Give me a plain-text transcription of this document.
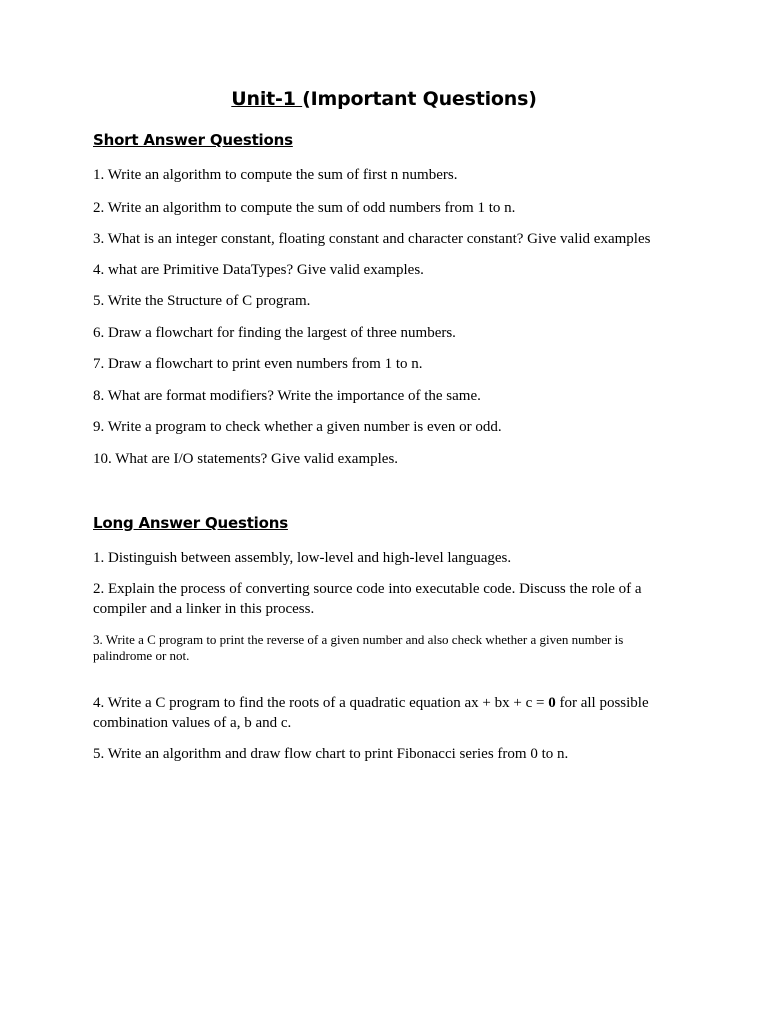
Unit-1 (Important Questions)
Short Answer Questions

1. Write an algorithm to compute the sum of first n numbers.

2. Write an algorithm to compute the sum of odd numbers from 1 to n.

3. What is an integer constant, floating constant and character constant? Give valid examples

4. what are Primitive DataTypes? Give valid examples.

5. Write the Structure of C program.

6. Draw a flowchart for finding the largest of three numbers.

7. Draw a flowchart to print even numbers from 1 to n.

8. What are format modifiers? Write the importance of the same.

9. Write a program to check whether a given number is even or odd.

10. What are I/O statements? Give valid examples.

Long Answer Questions

1. Distinguish between assembly, low-level and high-level languages.

2. Explain the process of converting source code into executable code. Discuss the role of a compiler and a linker in this process.

3. Write a C program to print the reverse of a given number and also check whether a given number is palindrome or not.

4. Write a C program to find the roots of a quadratic equation ax + bx + c = 0 for all possible combination values of a, b and c.

5. Write an algorithm and draw flow chart to print Fibonacci series from 0 to n.
